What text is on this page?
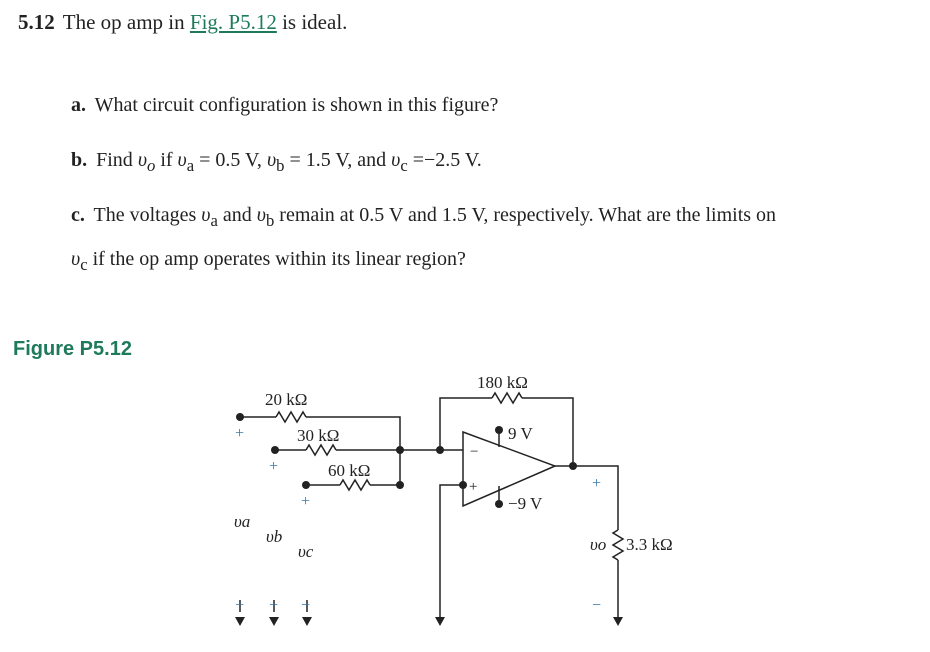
5.12 The op amp in Fig. P5.12 is ideal.
a. What circuit configuration is shown in this figure?
b. Find $\upsilon_o$ if $\upsilon_a = 0.5$ V, $\upsilon_b = 1.5$ V, and $\upsilon_c =-2.5$ V.
c. The voltages $\upsilon_a$ and $\upsilon_b$ remain at 0.5 V and 1.5 V, respectively. What are the limits on
$\upsilon_c$ if the op amp operates within its linear region?
Figure P5.12
20 kΩ
30 kΩ
60 kΩ
180 kΩ
3.3 kΩ
9 V
−9 V
υa
υb
υc	υo
+
+
+
+
−
− − −
−
+
